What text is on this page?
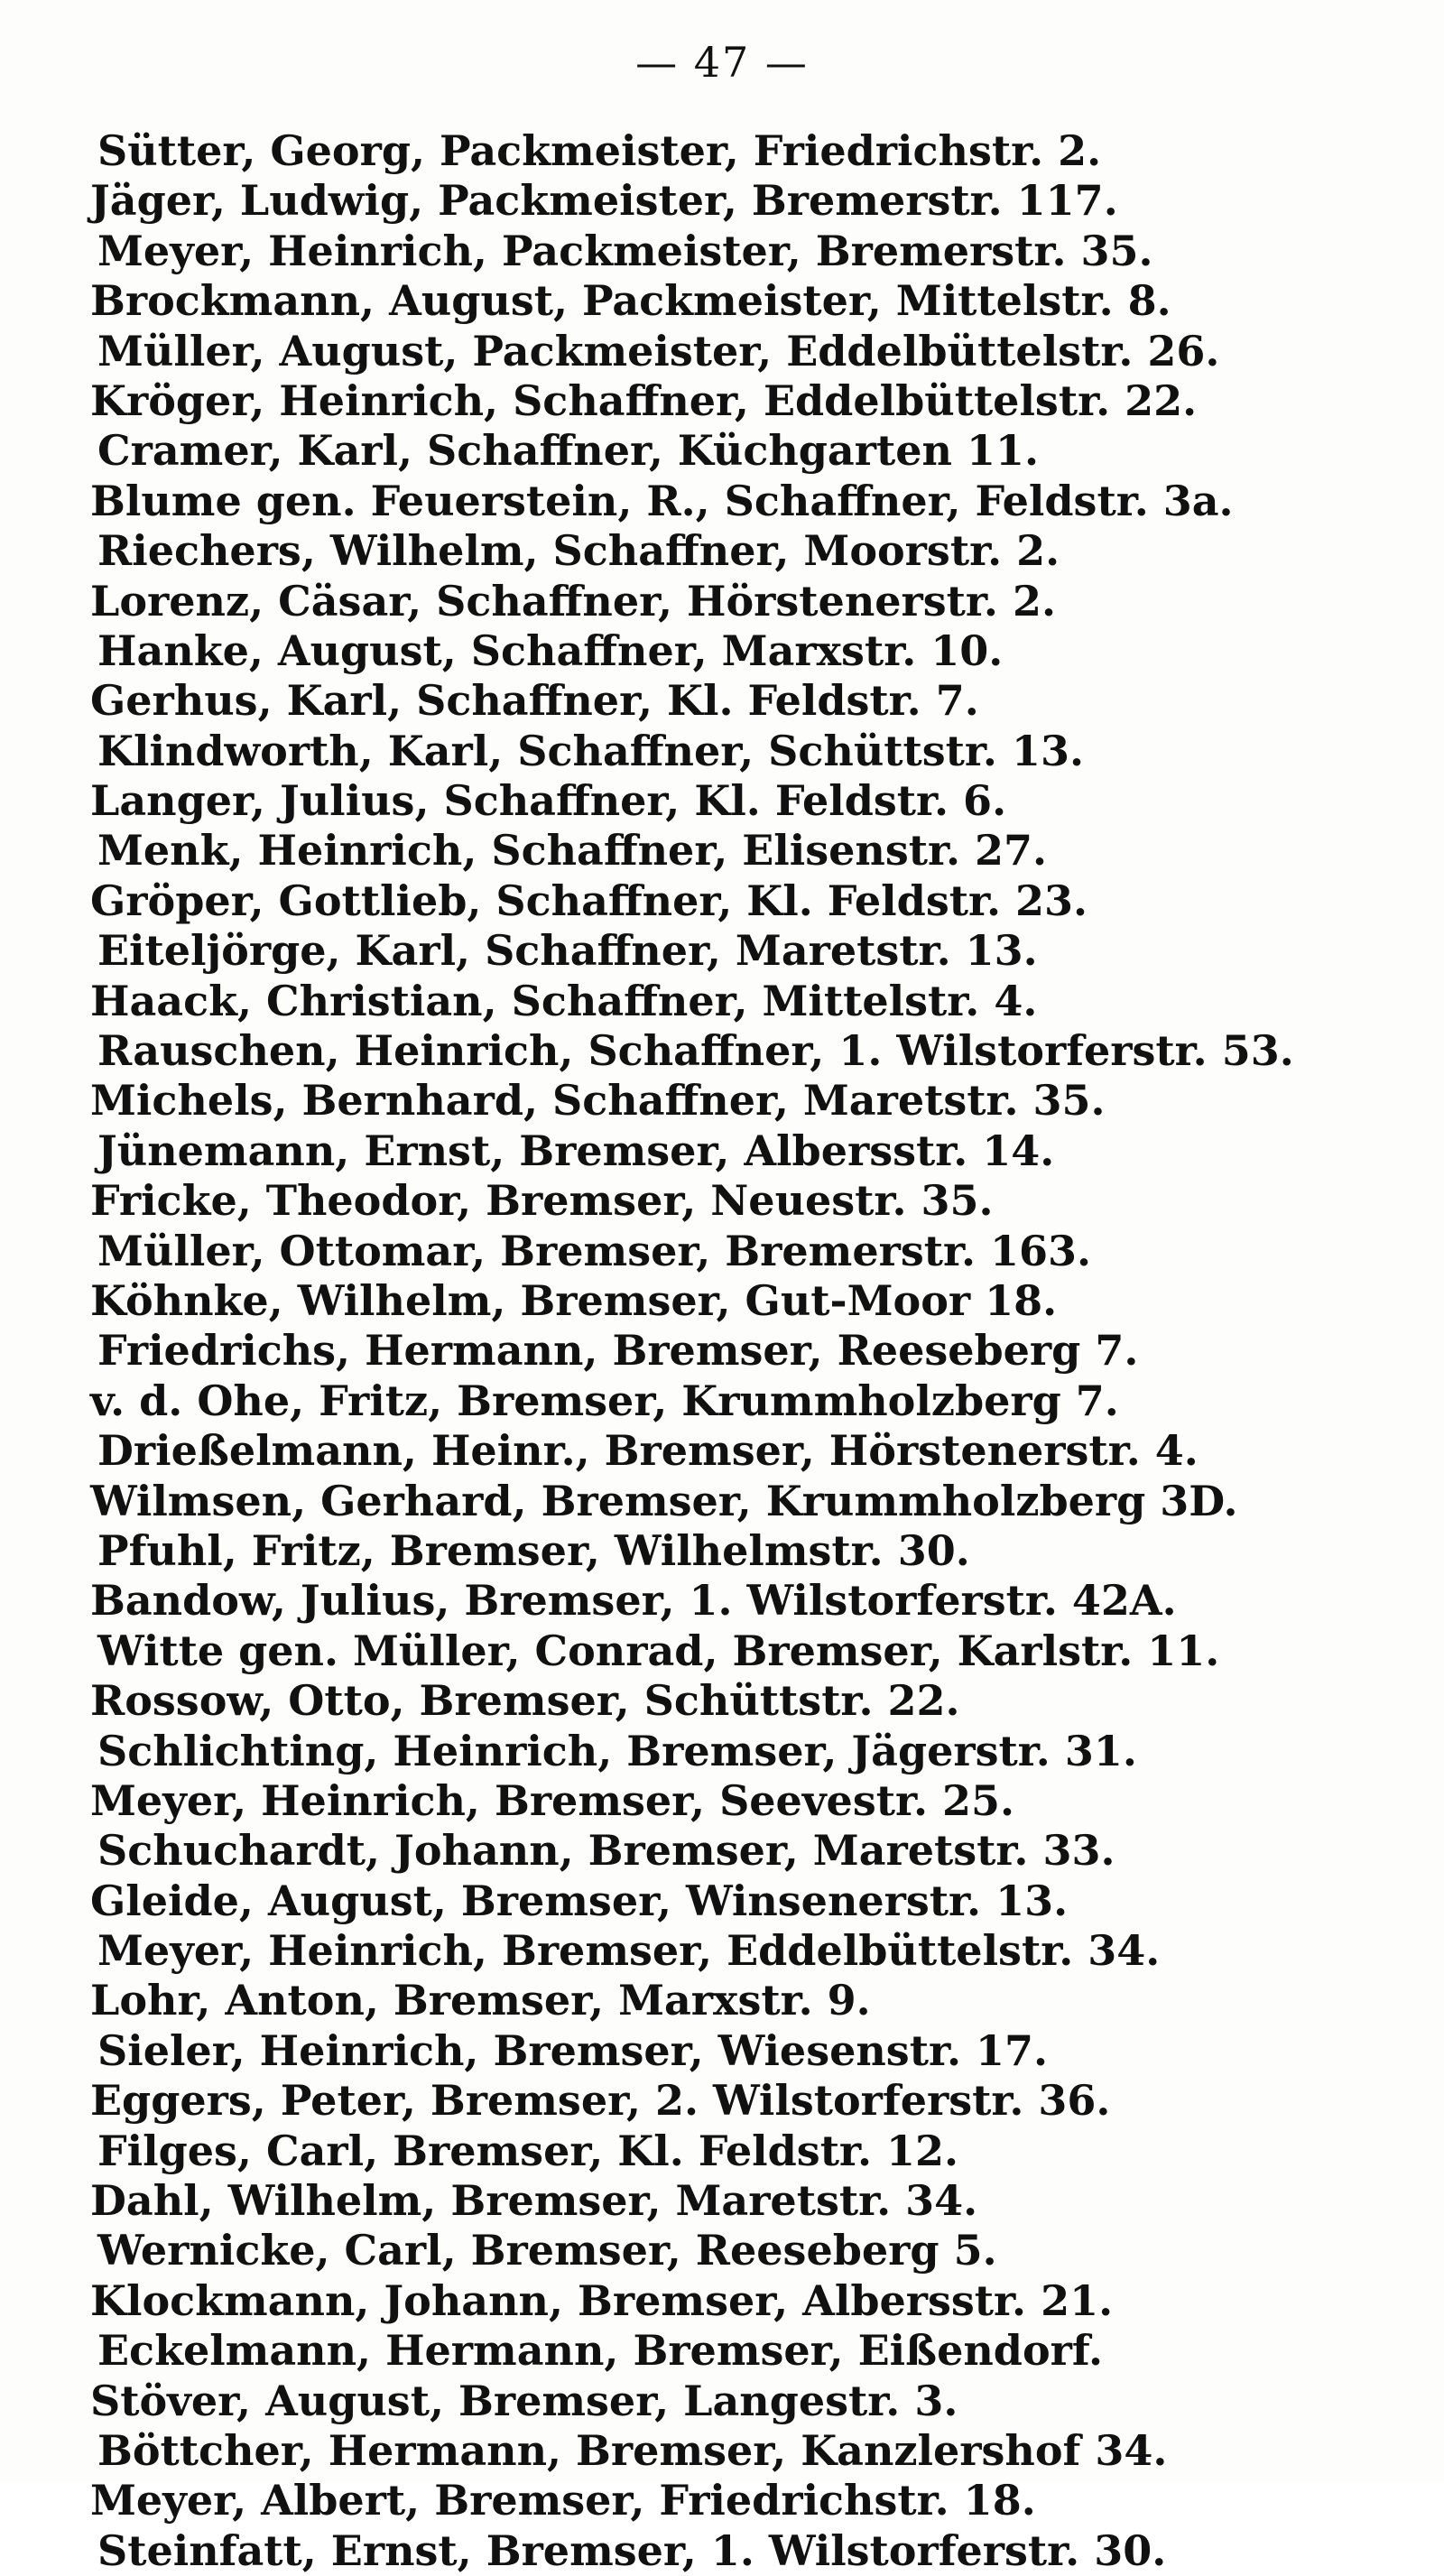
— 47 —
Sütter, Georg, Packmeister, Friedrichstr. 2.
Jäger, Ludwig, Packmeister, Bremerstr. 117.
Meyer, Heinrich, Packmeister, Bremerstr. 35.
Brockmann, August, Packmeister, Mittelstr. 8.
Müller, August, Packmeister, Eddelbüttelstr. 26.
Kröger, Heinrich, Schaffner, Eddelbüttelstr. 22.
Cramer, Karl, Schaffner, Küchgarten 11.
Blume gen. Feuerstein, R., Schaffner, Feldstr. 3a.
Riechers, Wilhelm, Schaffner, Moorstr. 2.
Lorenz, Cäsar, Schaffner, Hörstenerstr. 2.
Hanke, August, Schaffner, Marxstr. 10.
Gerhus, Karl, Schaffner, Kl. Feldstr. 7.
Klindworth, Karl, Schaffner, Schüttstr. 13.
Langer, Julius, Schaffner, Kl. Feldstr. 6.
Menk, Heinrich, Schaffner, Elisenstr. 27.
Gröper, Gottlieb, Schaffner, Kl. Feldstr. 23.
Eiteljörge, Karl, Schaffner, Maretstr. 13.
Haack, Christian, Schaffner, Mittelstr. 4.
Rauschen, Heinrich, Schaffner, 1. Wilstorferstr. 53.
Michels, Bernhard, Schaffner, Maretstr. 35.
Jünemann, Ernst, Bremser, Albersstr. 14.
Fricke, Theodor, Bremser, Neuestr. 35.
Müller, Ottomar, Bremser, Bremerstr. 163.
Köhnke, Wilhelm, Bremser, Gut-Moor 18.
Friedrichs, Hermann, Bremser, Reeseberg 7.
v. d. Ohe, Fritz, Bremser, Krummholzberg 7.
Drießelmann, Heinr., Bremser, Hörstenerstr. 4.
Wilmsen, Gerhard, Bremser, Krummholzberg 3D.
Pfuhl, Fritz, Bremser, Wilhelmstr. 30.
Bandow, Julius, Bremser, 1. Wilstorferstr. 42A.
Witte gen. Müller, Conrad, Bremser, Karlstr. 11.
Rossow, Otto, Bremser, Schüttstr. 22.
Schlichting, Heinrich, Bremser, Jägerstr. 31.
Meyer, Heinrich, Bremser, Seevestr. 25.
Schuchardt, Johann, Bremser, Maretstr. 33.
Gleide, August, Bremser, Winsenerstr. 13.
Meyer, Heinrich, Bremser, Eddelbüttelstr. 34.
Lohr, Anton, Bremser, Marxstr. 9.
Sieler, Heinrich, Bremser, Wiesenstr. 17.
Eggers, Peter, Bremser, 2. Wilstorferstr. 36.
Filges, Carl, Bremser, Kl. Feldstr. 12.
Dahl, Wilhelm, Bremser, Maretstr. 34.
Wernicke, Carl, Bremser, Reeseberg 5.
Klockmann, Johann, Bremser, Albersstr. 21.
Eckelmann, Hermann, Bremser, Eißendorf.
Stöver, August, Bremser, Langestr. 3.
Böttcher, Hermann, Bremser, Kanzlershof 34.
Meyer, Albert, Bremser, Friedrichstr. 18.
Steinfatt, Ernst, Bremser, 1. Wilstorferstr. 30.
